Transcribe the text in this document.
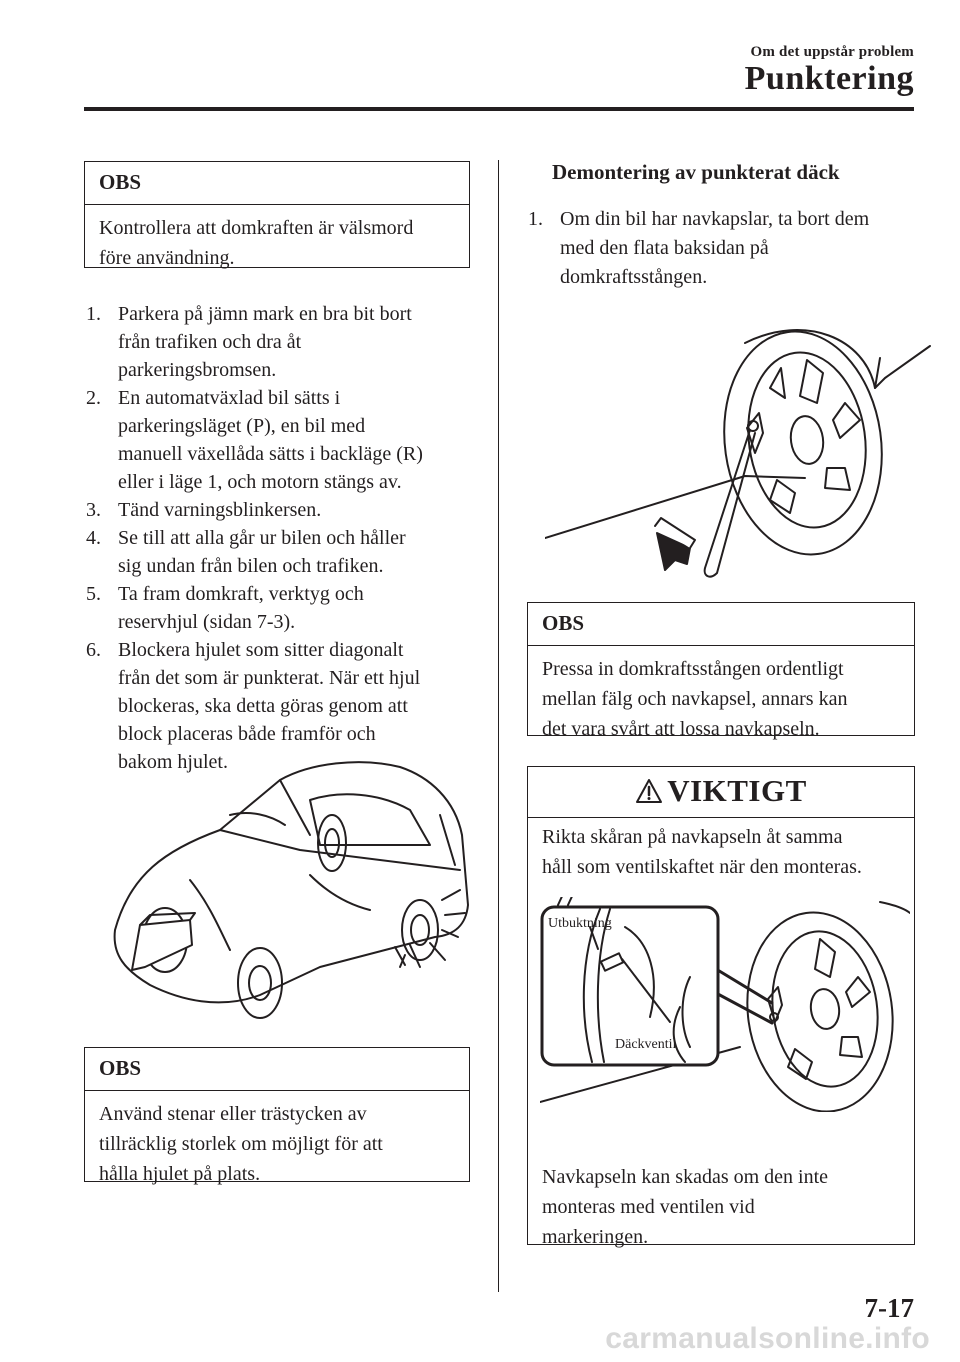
Om det uppstår problem
Punktering
OBS
Kontrollera att domkraften är välsmord före användning.
1. Parkera på jämn mark en bra bit bort
från trafiken och dra åt
parkeringsbromsen.
2. En automatväxlad bil sätts i
parkeringsläget (P), en bil med
manuell växellåda sätts i backläge (R)
eller i läge 1, och motorn stängs av.
3. Tänd varningsblinkersen.
4. Se till att alla går ur bilen och håller
sig undan från bilen och trafiken.
5. Ta fram domkraft, verktyg och
reservhjul (sidan 7-3).
6. Blockera hjulet som sitter diagonalt
från det som är punkterat. När ett hjul
blockeras, ska detta göras genom att
block placeras både framför och
bakom hjulet.
OBS
Använd stenar eller trästycken av
tillräcklig storlek om möjligt för att
hålla hjulet på plats.
Demontering av punkterat däck
1. Om din bil har navkapslar, ta bort dem
med den flata baksidan på
domkraftsstången.
OBS
Pressa in domkraftsstången ordentligt
mellan fälg och navkapsel, annars kan
det vara svårt att lossa navkapseln.
VIKTIGT
Rikta skåran på navkapseln åt samma
håll som ventilskaftet när den monteras.
Utbuktning
Däckventil
Navkapseln kan skadas om den inte
monteras med ventilen vid
markeringen.
7-17
carmanualsonline.info
